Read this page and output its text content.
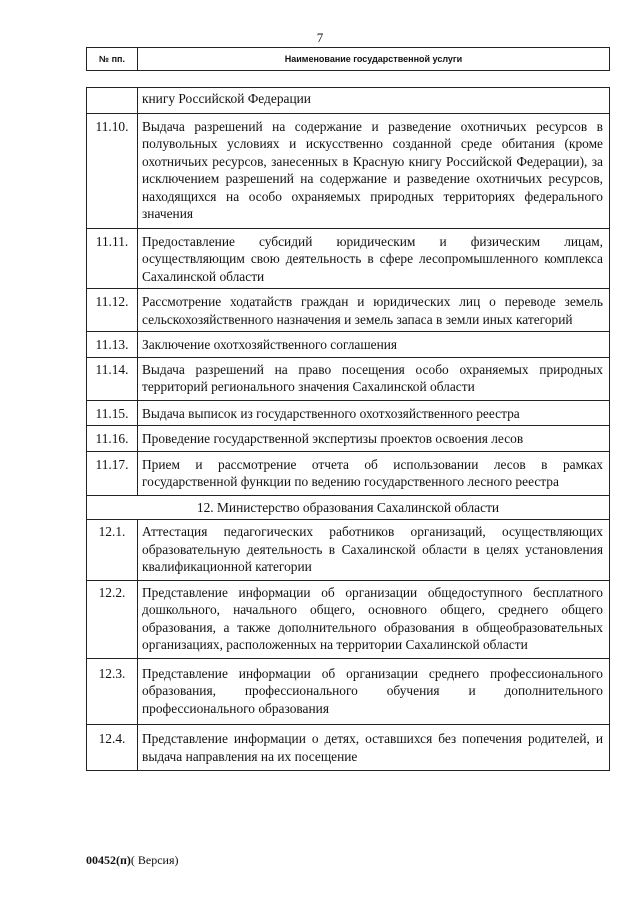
7
№ пп.	Наименование государственной услуги
	книгу Российской Федерации
11.10.	Выдача разрешений на содержание и разведение охотничьих ресурсов в полувольных условиях и искусственно созданной среде обитания (кроме охотничьих ресурсов, занесенных в Красную книгу Российской Федерации), за исключением разрешений на содержание и разведение охотничьих ресурсов, находящихся на особо охраняемых природных территориях федерального значения
11.11.	Предоставление субсидий юридическим и физическим лицам, осуществляющим свою деятельность в сфере лесопромышленного комплекса Сахалинской области
11.12.	Рассмотрение ходатайств граждан и юридических лиц о переводе земель сельскохозяйственного назначения и земель запаса в земли иных категорий
11.13.	Заключение охотхозяйственного соглашения
11.14.	Выдача разрешений на право посещения особо охраняемых природных территорий регионального значения Сахалинской области
11.15.	Выдача выписок из государственного охотхозяйственного реестра
11.16.	Проведение государственной экспертизы проектов освоения лесов
11.17.	Прием и рассмотрение отчета об использовании лесов в рамках государственной функции по ведению государственного лесного реестра
12. Министерство образования Сахалинской области	
12.1.	Аттестация педагогических работников организаций, осуществляющих образовательную деятельность в Сахалинской области в целях установления квалификационной категории
12.2.	Представление информации об организации общедоступного бесплатного дошкольного, начального общего, основного общего, среднего общего образования, а также дополнительного образования в общеобразовательных организациях, расположенных на территории Сахалинской области
12.3.	Представление информации об организации среднего профессионального образования, профессионального обучения и дополнительного профессионального образования
12.4.	Представление информации о детях, оставшихся без попечения родителей, и выдача направления на их посещение
00452(п)( Версия)
